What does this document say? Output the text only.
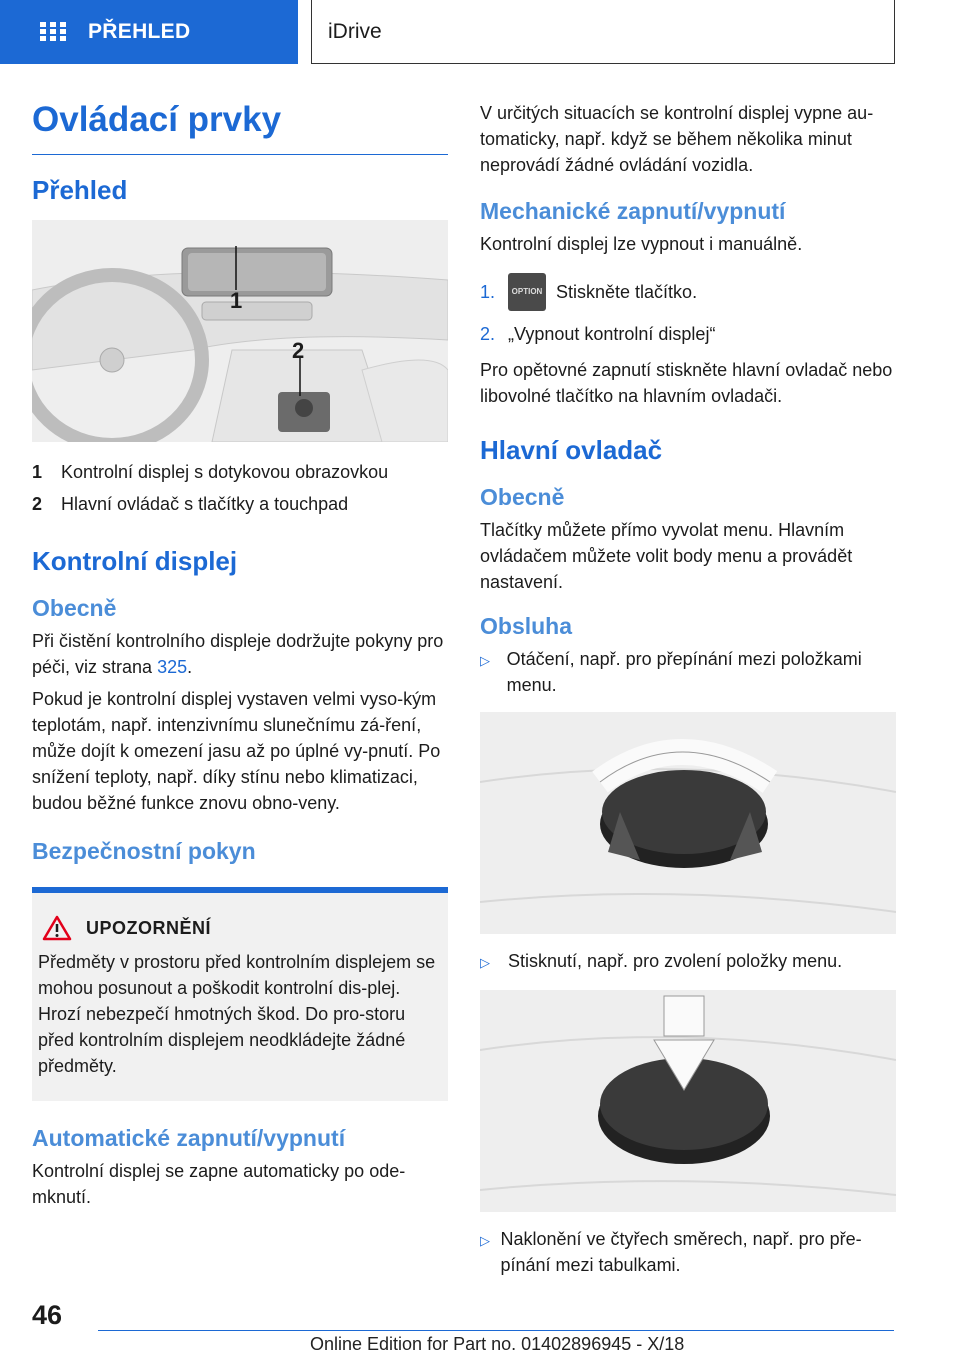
PŘEHLED	iDrive
Ovládací prvky
Přehled
1
2
1	Kontrolní displej s dotykovou obrazovkou
2	Hlavní ovládač s tlačítky a touchpad
Kontrolní displej
Obecně

Při čistění kontrolního displeje dodržujte pokyny pro péči, viz strana 325.

Pokud je kontrolní displej vystaven velmi vyso‐kým teplotám, např. intenzivnímu slunečnímu zá‐ření, může dojít k omezení jasu až po úplné vy‐pnutí. Po snížení teploty, např. díky stínu nebo klimatizaci, budou běžné funkce znovu obno‐veny.

Bezpečnostní pokyn
UPOZORNĚNÍ

Předměty v prostoru před kontrolním displejem se mohou posunout a poškodit kontrolní dis‐plej. Hrozí nebezpečí hmotných škod. Do pro‐storu před kontrolním displejem neodkládejte žádné předměty.

Automatické zapnutí/vypnutí

Kontrolní displej se zapne automaticky po ode‐mknutí.

V určitých situacích se kontrolní displej vypne au‐tomaticky, např. když se během několika minut neprovádí žádné ovládání vozidla.

Mechanické zapnutí/vypnutí

Kontrolní displej lze vypnout i manuálně.

1.	OPTION Stiskněte tlačítko.
2. „Vypnout kontrolní displej“

Pro opětovné zapnutí stiskněte hlavní ovladač nebo libovolné tlačítko na hlavním ovladači.

Hlavní ovladač
Obecně

Tlačítky můžete přímo vyvolat menu. Hlavním ovládačem můžete volit body menu a provádět nastavení.

Obsluha
▷ Otáčení, např. pro přepínání mezi položkami menu.
▷	Stisknutí, např. pro zvolení položky menu.
▷ Naklonění ve čtyřech směrech, např. pro pře‐pínání mezi tabulkami.
46
Online Edition for Part no. 01402896945 - X/18
